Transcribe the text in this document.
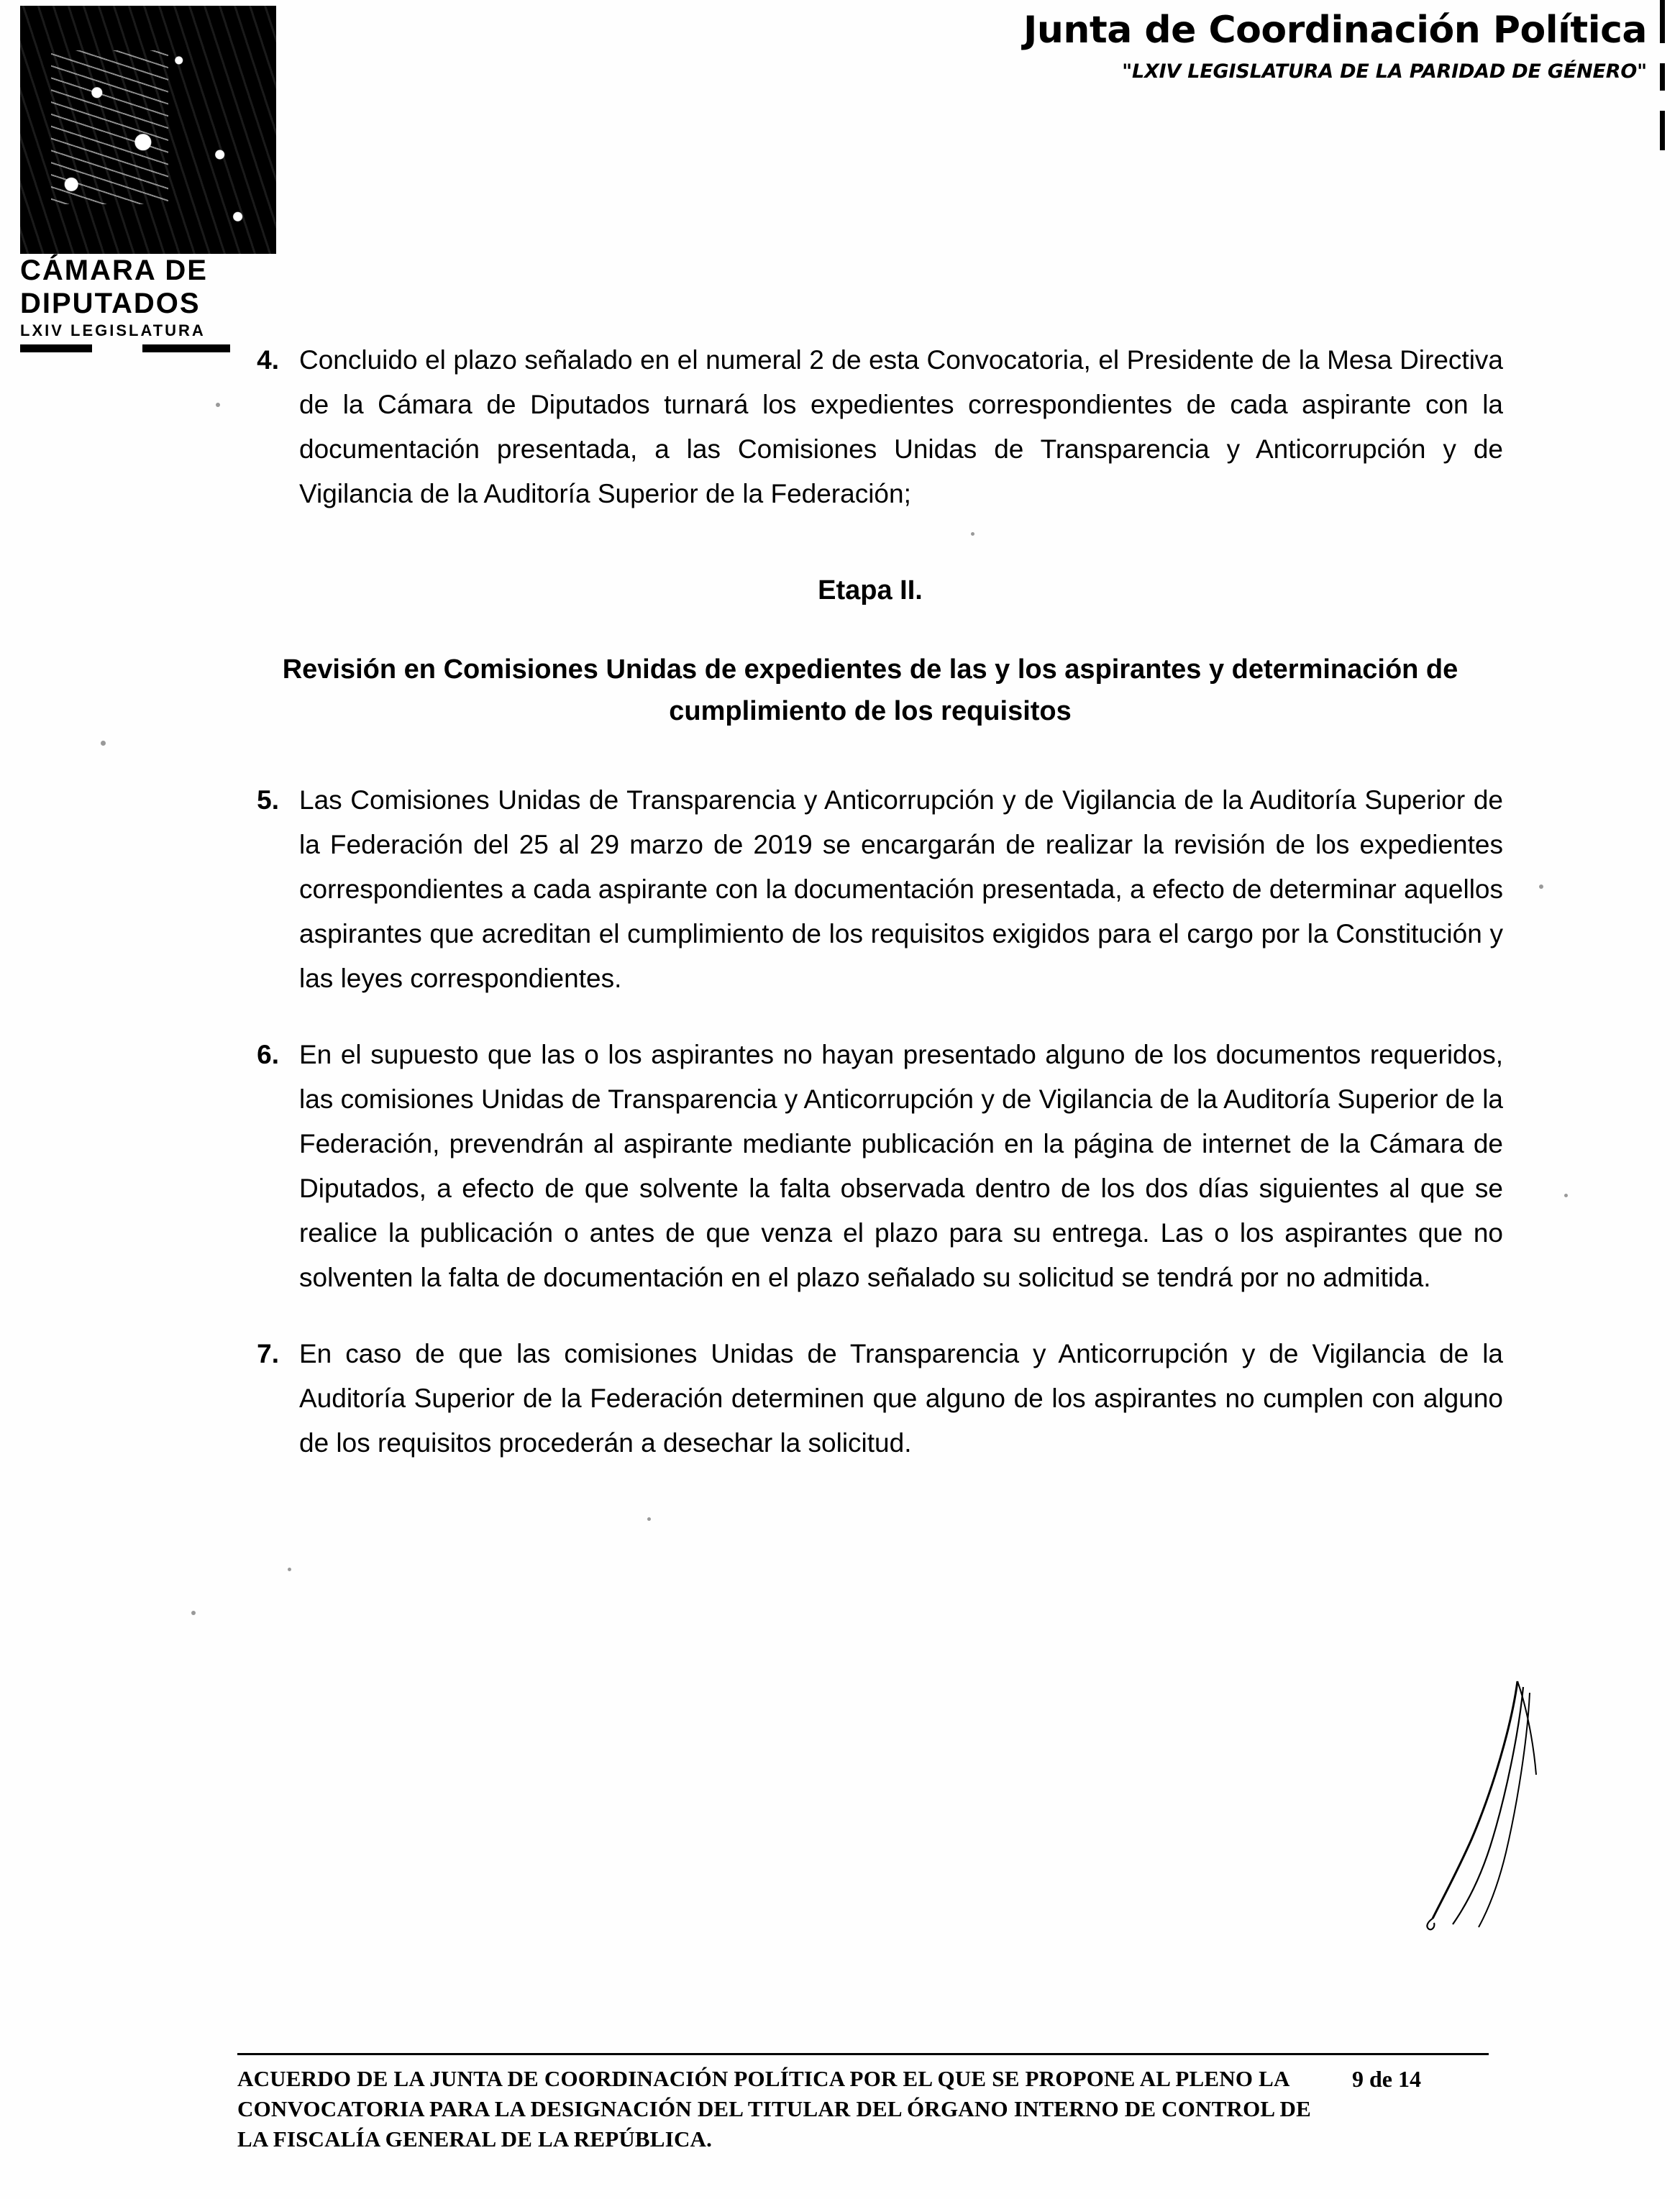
CÁMARA DE
DIPUTADOS
LXIV LEGISLATURA
Junta de Coordinación Política
"LXIV LEGISLATURA DE LA PARIDAD DE GÉNERO"
4. Concluido el plazo señalado en el numeral 2 de esta Convocatoria, el Presidente de la Mesa Directiva de la Cámara de Diputados turnará los expedientes correspondientes de cada aspirante con la documentación presentada, a las Comisiones Unidas de Transparencia y Anticorrupción y de Vigilancia de la Auditoría Superior de la Federación;
Etapa II.
Revisión en Comisiones Unidas de expedientes de las y los aspirantes y determinación de cumplimiento de los requisitos
5. Las Comisiones Unidas de Transparencia y Anticorrupción y de Vigilancia de la Auditoría Superior de la Federación del 25 al 29 marzo de 2019 se encargarán de realizar la revisión de los expedientes correspondientes a cada aspirante con la documentación presentada, a efecto de determinar aquellos aspirantes que acreditan el cumplimiento de los requisitos exigidos para el cargo por la Constitución y las leyes correspondientes.
6. En el supuesto que las o los aspirantes no hayan presentado alguno de los documentos requeridos, las comisiones Unidas de Transparencia y Anticorrupción y de Vigilancia de la Auditoría Superior de la Federación, prevendrán al aspirante mediante publicación en la página de internet de la Cámara de Diputados, a efecto de que solvente la falta observada dentro de los dos días siguientes al que se realice la publicación o antes de que venza el plazo para su entrega. Las o los aspirantes que no solventen la falta de documentación en el plazo señalado su solicitud se tendrá por no admitida.
7. En caso de que las comisiones Unidas de Transparencia y Anticorrupción y de Vigilancia de la Auditoría Superior de la Federación determinen que alguno de los aspirantes no cumplen con alguno de los requisitos procederán a desechar la solicitud.
ACUERDO DE LA JUNTA DE COORDINACIÓN POLÍTICA POR EL QUE SE PROPONE AL PLENO LA CONVOCATORIA PARA LA DESIGNACIÓN DEL TITULAR DEL ÓRGANO INTERNO DE CONTROL DE LA FISCALÍA GENERAL DE LA REPÚBLICA.
9 de 14
